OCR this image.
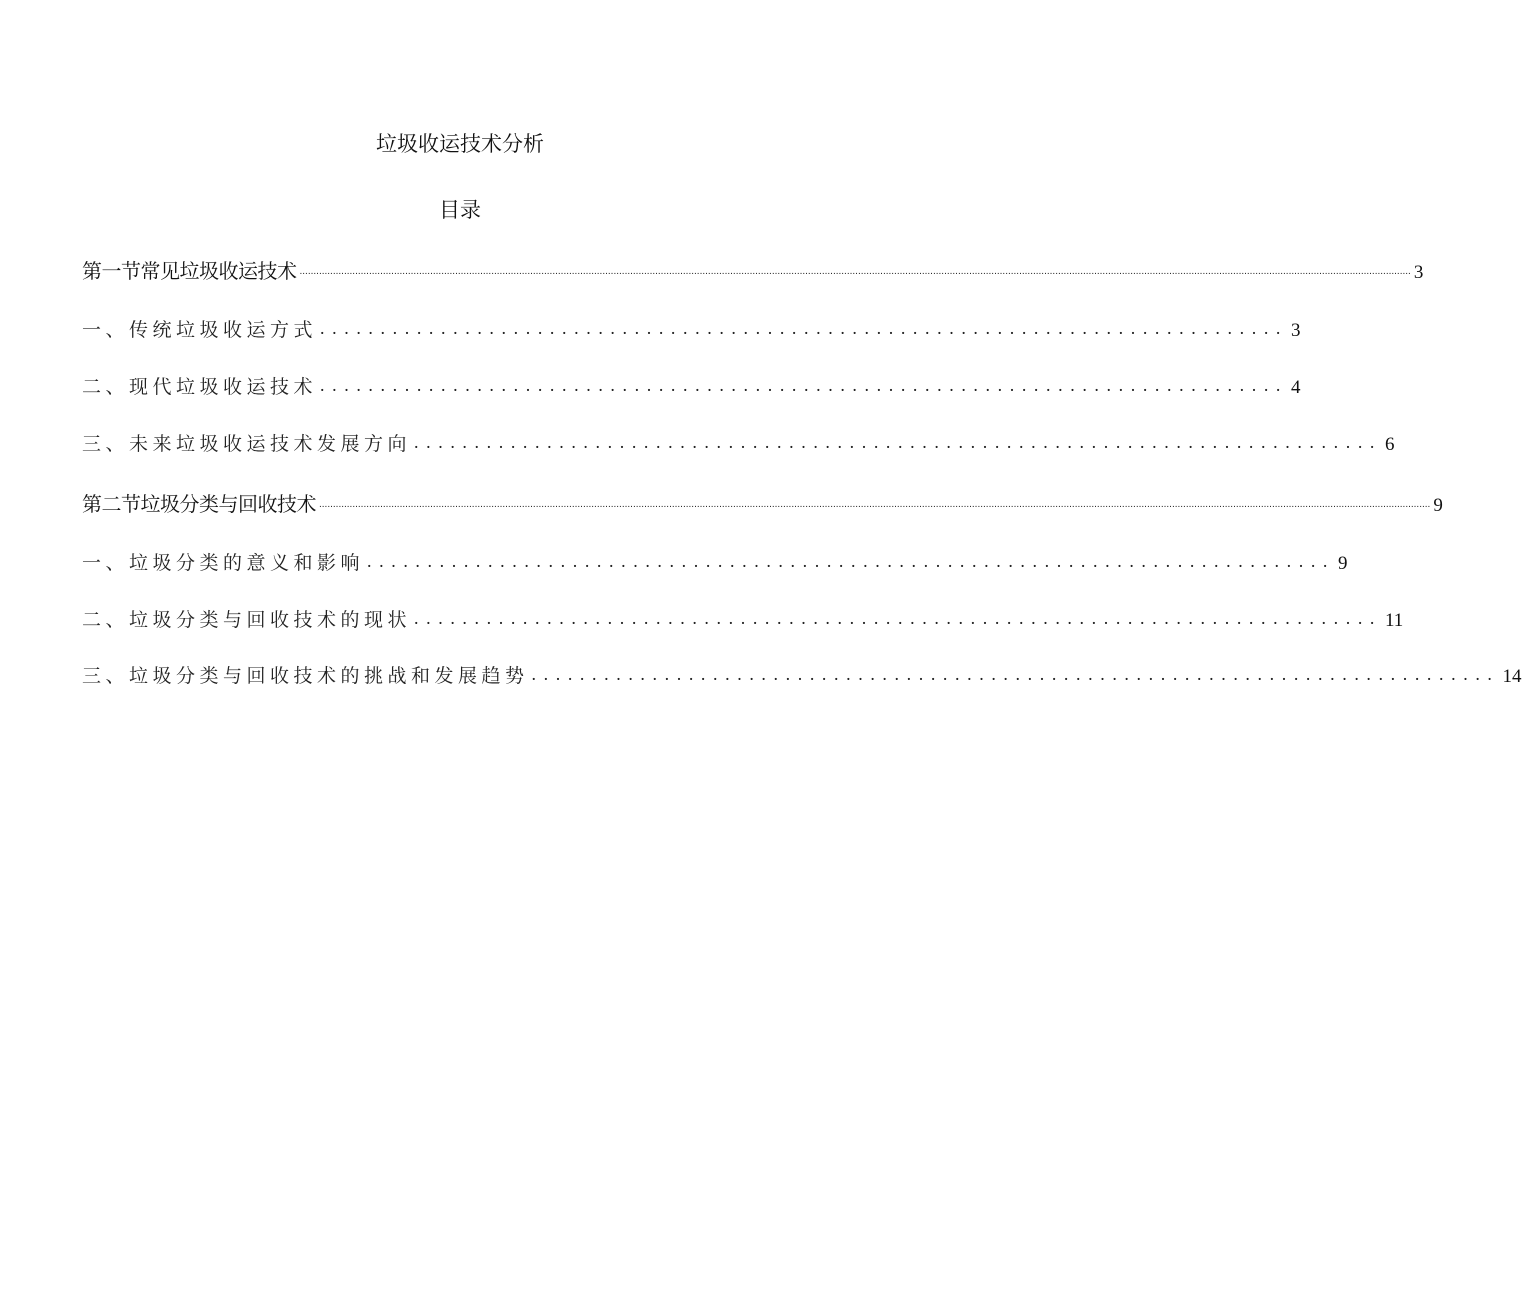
垃圾收运技术分析
目录
第一节常见垃圾收运技术 ................................................................................................................................................................................................................................................................................................................................................................................................................ 3
一、传统垃圾收运方式 ................................................................................ 3
二、现代垃圾收运技术 ................................................................................ 4
三、未来垃圾收运技术发展方向 ................................................................................ 6
第二节垃圾分类与回收技术 ................................................................................................................................................................................................................................................................................................................................................................................................................ 9
一、垃圾分类的意义和影响 ................................................................................ 9
二、垃圾分类与回收技术的现状 ................................................................................ 11
三、垃圾分类与回收技术的挑战和发展趋势 ................................................................................ 14
